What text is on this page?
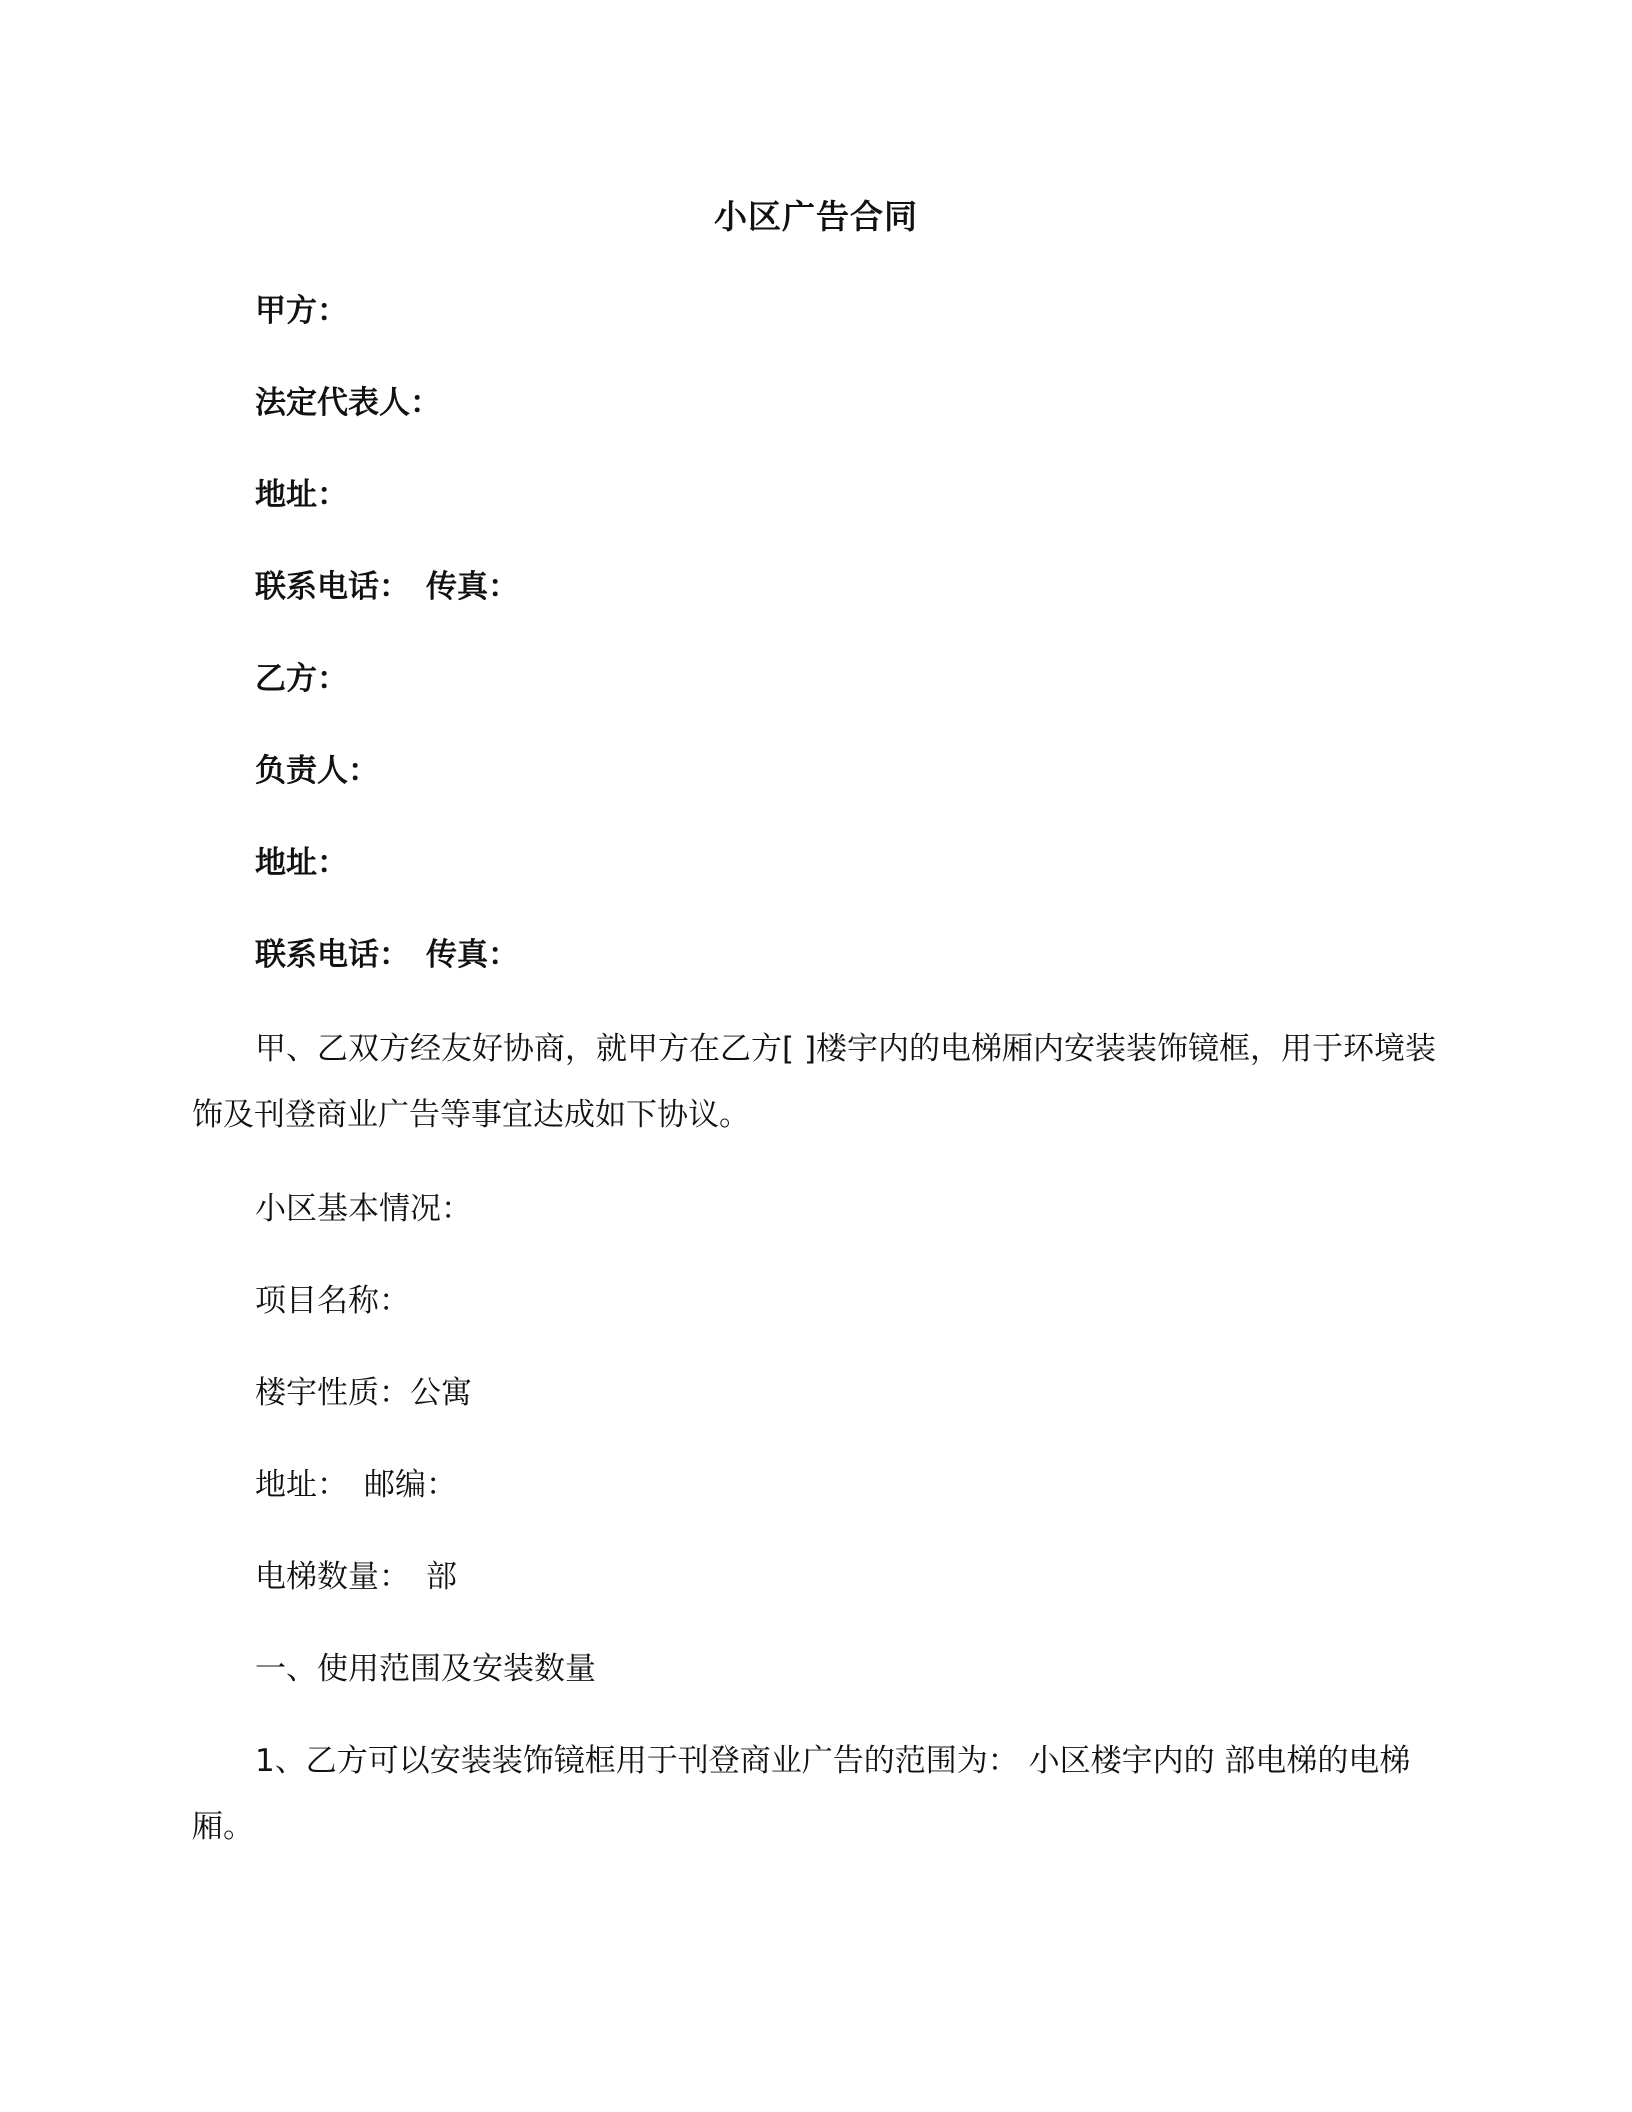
小区广告合同
甲方：
法定代表人：
地址：
联系电话： 传真：
乙方：
负责人：
地址：
联系电话： 传真：
甲、乙双方经友好协商，就甲方在乙方[ ]楼宇内的电梯厢内安装装饰镜框，用于环境装饰及刊登商业广告等事宜达成如下协议。
小区基本情况：
项目名称：
楼宇性质：公寓
地址： 邮编：
电梯数量： 部
一、使用范围及安装数量
1、乙方可以安装装饰镜框用于刊登商业广告的范围为： 小区楼宇内的 部电梯的电梯厢。
